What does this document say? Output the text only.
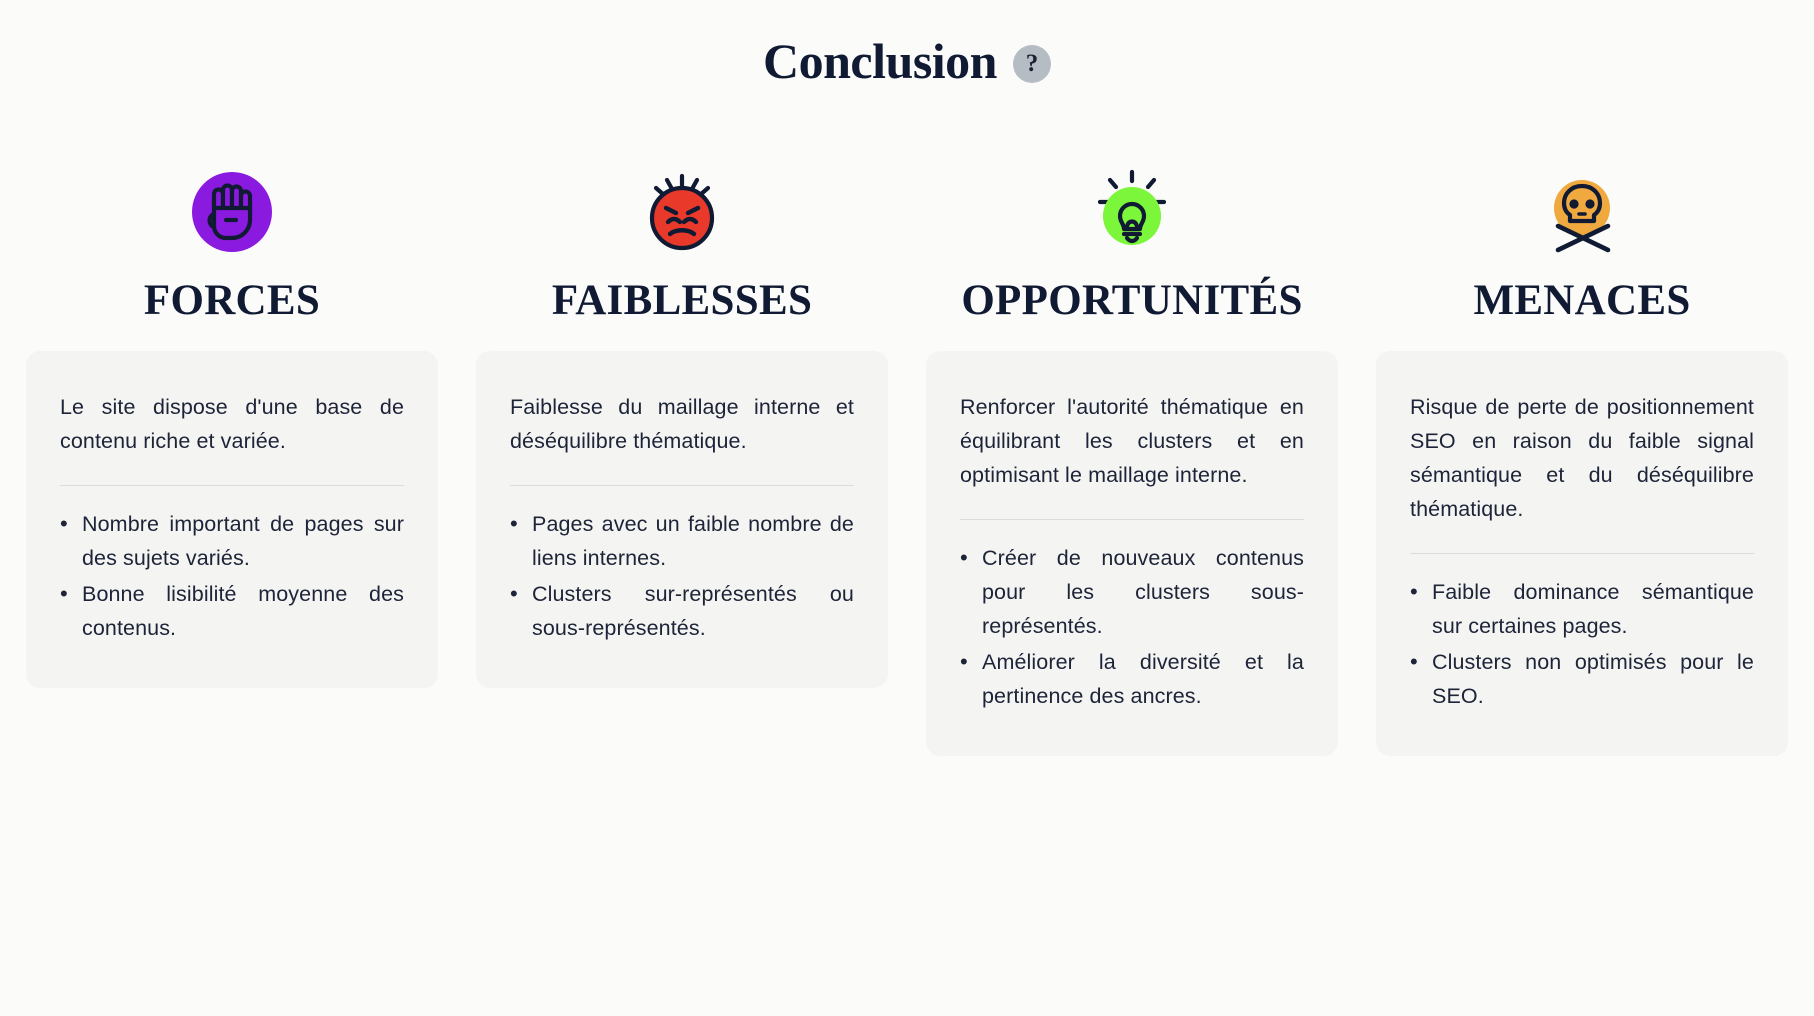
Conclusion	?
FORCES

Le site dispose d'une base de contenu riche et variée.

• Nombre important de pages sur des sujets variés.
• Bonne lisibilité moyenne des contenus.
FAIBLESSES

Faiblesse du maillage interne et déséquilibre thématique.

• Pages avec un faible nombre de liens internes.
• Clusters sur-représentés ou sous-représentés.
OPPORTUNITÉS

Renforcer l'autorité thématique en équilibrant les clusters et en optimisant le maillage interne.

• Créer de nouveaux contenus pour les clusters sous-représentés.
• Améliorer la diversité et la pertinence des ancres.
MENACES

Risque de perte de positionnement SEO en raison du faible signal sémantique et du déséquilibre thématique.

• Faible dominance sémantique sur certaines pages.
• Clusters non optimisés pour le SEO.
